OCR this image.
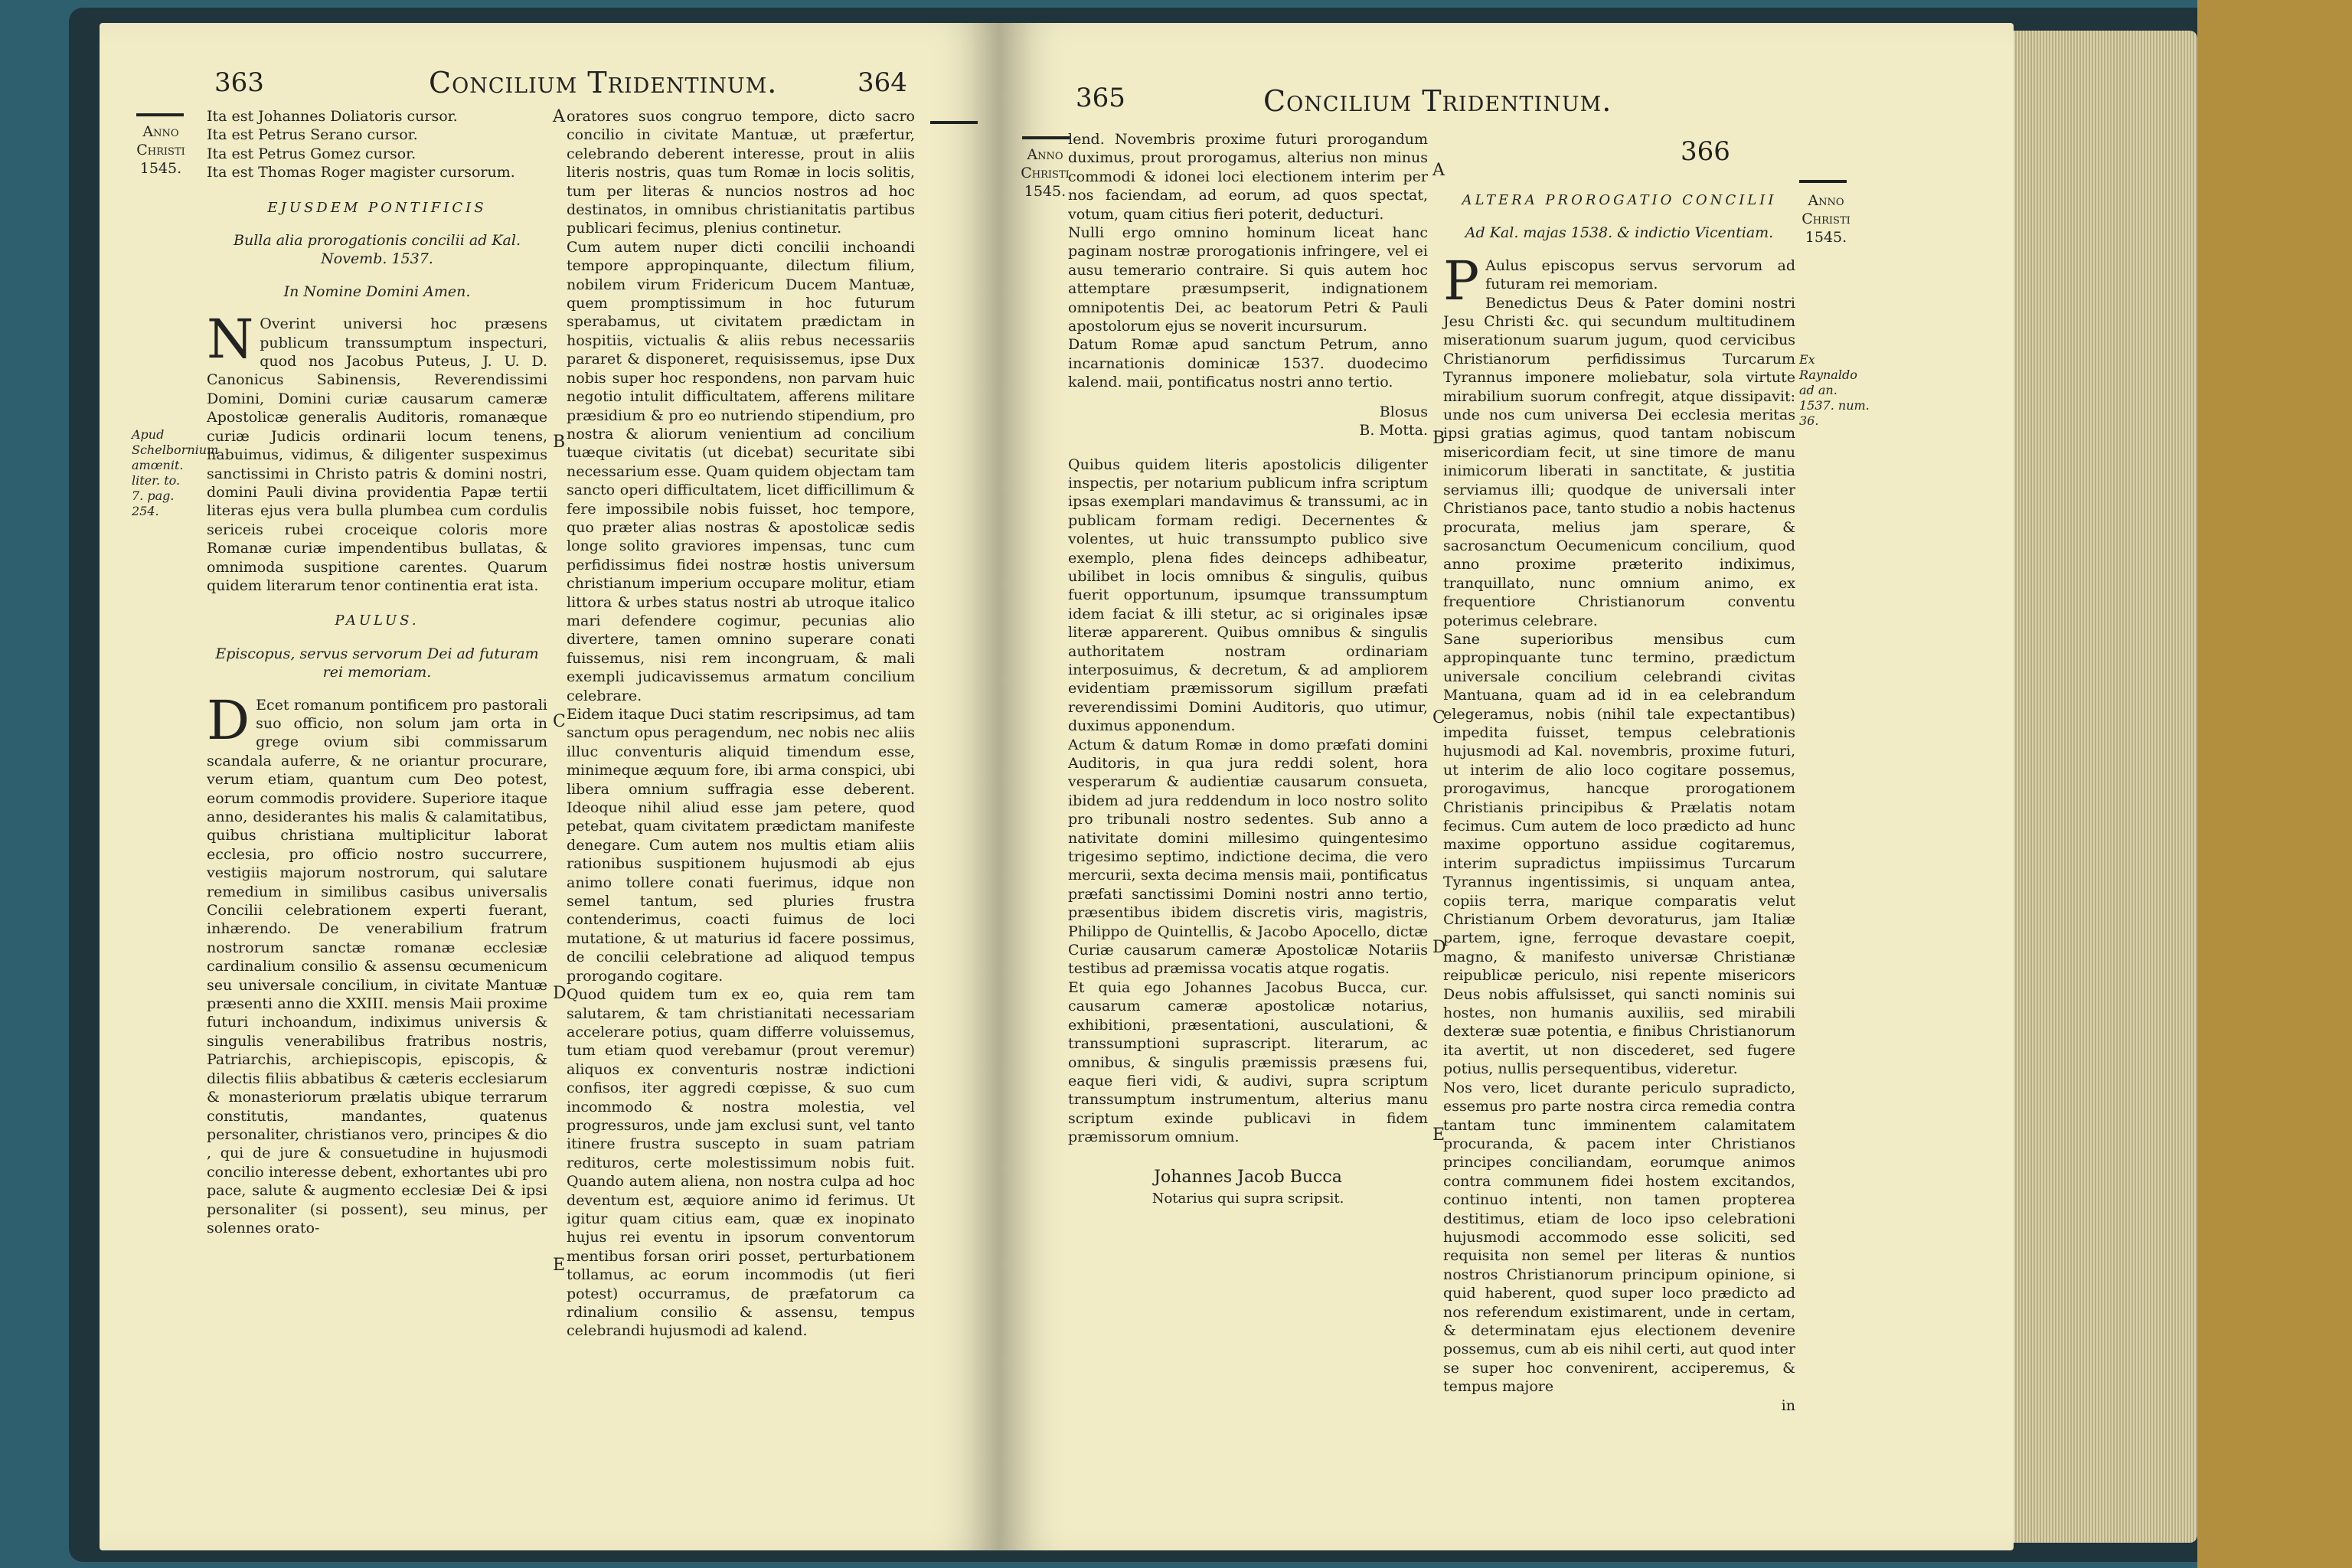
363	Concilium Tridentinum.	364
Anno
Christi
1545.
Apud Schelbornium amœnit. liter. to. 7. pag. 254.

Ita est Johannes Doliatoris cursor.
Ita est Petrus Serano cursor.
Ita est Petrus Gomez cursor.
Ita est Thomas Roger magister cursorum.

EJUSDEM PONTIFICIS
Bulla alia prorogationis concilii ad Kal. Novemb. 1537.
In Nomine Domini Amen.

N Overint universi hoc præsens publicum transsumptum inspecturi, quod nos Jacobus Puteus, J. U. D. Canonicus Sabinensis, Reverendissimi Domini, Domini curiæ causarum cameræ Apostolicæ generalis Auditoris, romanæque curiæ Judicis ordinarii locum tenens, habuimus, vidimus, & diligenter suspeximus sanctissimi in Christo patris & domini nostri, domini Pauli divina providentia Papæ tertii literas ejus vera bulla plumbea cum cordulis sericeis rubei croceique coloris more Romanæ curiæ impendentibus bullatas, & omnimoda suspitione carentes. Quarum quidem literarum tenor continentia erat ista.

PAULUS.
Episcopus, servus servorum Dei ad futuram rei memoriam.

D Ecet romanum pontificem pro pastorali suo officio, non solum jam orta in grege ovium sibi commissarum scandala auferre, & ne oriantur procurare, verum etiam, quantum cum Deo potest, eorum commodis providere. Superiore itaque anno, desiderantes his malis & calamitatibus, quibus christiana multiplicitur laborat ecclesia, pro officio nostro succurrere, vestigiis majorum nostrorum, qui salutare remedium in similibus casibus universalis Concilii celebrationem experti fuerant, inhærendo. De venerabilium fratrum nostrorum sanctæ romanæ ecclesiæ cardinalium consilio & assensu œcumenicum seu universale concilium, in civitate Mantuæ præsenti anno die XXIII. mensis Maii proxime futuri inchoandum, indiximus universis & singulis venerabilibus fratribus nostris, Patriarchis, archiepiscopis, episcopis, & dilectis filiis abbatibus & cæteris ecclesiarum & monasteriorum prælatis ubique terrarum constitutis, mandantes, quatenus personaliter, christianos vero, principes & dio , qui de jure & consuetudine in hujusmodi concilio interesse debent, exhortantes ubi pro pace, salute & augmento ecclesiæ Dei & ipsi personaliter (si possent), seu minus, per solennes orato-

oratores suos congruo tempore, dicto sacro concilio in civitate Mantuæ, ut præfertur, celebrando deberent interesse, prout in aliis literis nostris, quas tum Romæ in locis solitis, tum per literas & nuncios nostros ad hoc destinatos, in omnibus christianitatis partibus publicari fecimus, plenius continetur.
Cum autem nuper dicti concilii inchoandi tempore appropinquante, dilectum filium, nobilem virum Fridericum Ducem Mantuæ, quem promptissimum in hoc futurum sperabamus, ut civitatem prædictam in hospitiis, victualis & aliis rebus necessariis pararet & disponeret, requisissemus, ipse Dux nobis super hoc respondens, non parvam huic negotio intulit difficultatem, afferens militare præsidium & pro eo nutriendo stipendium, pro nostra & aliorum venientium ad concilium tuæque civitatis (ut dicebat) securitate sibi necessarium esse. Quam quidem objectam tam sancto operi difficultatem, licet difficillimum & fere impossibile nobis fuisset, hoc tempore, quo præter alias nostras & apostolicæ sedis longe solito graviores impensas, tunc cum perfidissimus fidei nostræ hostis universum christianum imperium occupare molitur, etiam littora & urbes status nostri ab utroque italico mari defendere cogimur, pecunias alio divertere, tamen omnino superare conati fuissemus, nisi rem incongruam, & mali exempli judicavissemus armatum concilium celebrare.
Eidem itaque Duci statim rescripsimus, ad tam sanctum opus peragendum, nec nobis nec aliis illuc conventuris aliquid timendum esse, minimeque æquum fore, ibi arma conspici, ubi libera omnium suffragia esse deberent. Ideoque nihil aliud esse jam petere, quod petebat, quam civitatem prædictam manifeste denegare. Cum autem nos multis etiam aliis rationibus suspitionem hujusmodi ab ejus animo tollere conati fuerimus, idque non semel tantum, sed pluries frustra contenderimus, coacti fuimus de loci mutatione, & ut maturius id facere possimus, de concilii celebratione ad aliquod tempus prorogando cogitare.
Quod quidem tum ex eo, quia rem tam salutarem, & tam christianitati necessariam accelerare potius, quam differre voluissemus, tum etiam quod verebamur (prout veremur) aliquos ex conventuris nostræ indictioni confisos, iter aggredi cœpisse, & suo cum incommodo & nostra molestia, vel progressuros, unde jam exclusi sunt, vel tanto itinere frustra suscepto in suam patriam redituros, certe molestissimum nobis fuit. Quando autem aliena, non nostra culpa ad hoc deventum est, æquiore animo id ferimus. Ut igitur quam citius eam, quæ ex inopinato hujus rei eventu in ipsorum conventorum mentibus forsan oriri posset, perturbationem tollamus, ac eorum incommodis (ut fieri potest) occurramus, de præfatorum ca rdinalium consilio & assensu, tempus celebrandi hujusmodi ad kalend.

A
B
C
D
E
365	Concilium Tridentinum.
366
Anno
Christi
1545.
Anno
Christi
1545.
Ex Raynaldo ad an. 1537. num. 36.

lend. Novembris proxime futuri prorogandum duximus, prout prorogamus, alterius non minus commodi & idonei loci electionem interim per nos faciendam, ad eorum, ad quos spectat, votum, quam citius fieri poterit, deducturi.
Nulli ergo omnino hominum liceat hanc paginam nostræ prorogationis infringere, vel ei ausu temerario contraire. Si quis autem hoc attemptare præsumpserit, indignationem omnipotentis Dei, ac beatorum Petri & Pauli apostolorum ejus se noverit incursurum.
Datum Romæ apud sanctum Petrum, anno incarnationis dominicæ 1537. duodecimo kalend. maii, pontificatus nostri anno tertio.

Blosus
B. Motta.

Quibus quidem literis apostolicis diligenter inspectis, per notarium publicum infra scriptum ipsas exemplari mandavimus & transsumi, ac in publicam formam redigi. Decernentes & volentes, ut huic transsumpto publico sive exemplo, plena fides deinceps adhibeatur, ubilibet in locis omnibus & singulis, quibus fuerit opportunum, ipsumque transsumptum idem faciat & illi stetur, ac si originales ipsæ literæ apparerent. Quibus omnibus & singulis authoritatem nostram ordinariam interposuimus, & decretum, & ad ampliorem evidentiam præmissorum sigillum præfati reverendissimi Domini Auditoris, quo utimur, duximus apponendum.
Actum & datum Romæ in domo præfati domini Auditoris, in qua jura reddi solent, hora vesperarum & audientiæ causarum consueta, ibidem ad jura reddendum in loco nostro solito pro tribunali nostro sedentes. Sub anno a nativitate domini millesimo quingentesimo trigesimo septimo, indictione decima, die vero mercurii, sexta decima mensis maii, pontificatus præfati sanctissimi Domini nostri anno tertio, præsentibus ibidem discretis viris, magistris, Philippo de Quintellis, & Jacobo Apocello, dictæ Curiæ causarum cameræ Apostolicæ Notariis testibus ad præmissa vocatis atque rogatis.
Et quia ego Johannes Jacobus Bucca, cur. causarum cameræ apostolicæ notarius, exhibitioni, præsentationi, ausculationi, & transsumptioni suprascript. literarum, ac omnibus, & singulis præmissis præsens fui, eaque fieri vidi, & audivi, supra scriptum transsumptum instrumentum, alterius manu scriptum exinde publicavi in fidem præmissorum omnium.

Johannes Jacob Bucca
Notarius qui supra scripsit.
ALTERA PROROGATIO CONCILII
Ad Kal. majas 1538. & indictio Vicentiam.

P Aulus episcopus servus servorum ad futuram rei memoriam.
Benedictus Deus & Pater domini nostri Jesu Christi &c. qui secundum multitudinem miserationum suarum jugum, quod cervicibus Christianorum perfidissimus Turcarum Tyrannus imponere moliebatur, sola virtute mirabilium suorum confregit, atque dissipavit: unde nos cum universa Dei ecclesia meritas ipsi gratias agimus, quod tantam nobiscum misericordiam fecit, ut sine timore de manu inimicorum liberati in sanctitate, & justitia serviamus illi; quodque de universali inter Christianos pace, tanto studio a nobis hactenus procurata, melius jam sperare, & sacrosanctum Oecumenicum concilium, quod anno proxime præterito indiximus, tranquillato, nunc omnium animo, ex frequentiore Christianorum conventu poterimus celebrare.
Sane superioribus mensibus cum appropinquante tunc termino, prædictum universale concilium celebrandi civitas Mantuana, quam ad id in ea celebrandum elegeramus, nobis (nihil tale expectantibus) impedita fuisset, tempus celebrationis hujusmodi ad Kal. novembris, proxime futuri, ut interim de alio loco cogitare possemus, prorogavimus, hancque prorogationem Christianis principibus & Prælatis notam fecimus. Cum autem de loco prædicto ad hunc maxime opportuno assidue cogitaremus, interim supradictus impiissimus Turcarum Tyrannus ingentissimis, si unquam antea, copiis terra, marique comparatis velut Christianum Orbem devoraturus, jam Italiæ partem, igne, ferroque devastare coepit, magno, & manifesto universæ Christianæ reipublicæ periculo, nisi repente misericors Deus nobis affulsisset, qui sancti nominis sui hostes, non humanis auxiliis, sed mirabili dexteræ suæ potentia, e finibus Christianorum ita avertit, ut non discederet, sed fugere potius, nullis persequentibus, videretur.
Nos vero, licet durante periculo supradicto, essemus pro parte nostra circa remedia contra tantam tunc imminentem calamitatem procuranda, & pacem inter Christianos principes conciliandam, eorumque animos contra communem fidei hostem excitandos, continuo intenti, non tamen propterea destitimus, etiam de loco ipso celebrationi hujusmodi accommodo esse soliciti, sed requisita non semel per literas & nuntios nostros Christianorum principum opinione, si quid haberent, quod super loco prædicto ad nos referendum existimarent, unde in certam, & determinatam ejus electionem devenire possemus, cum ab eis nihil certi, aut quod inter se super hoc convenirent, acciperemus, & tempus majore

in
A
B
C
D
E
